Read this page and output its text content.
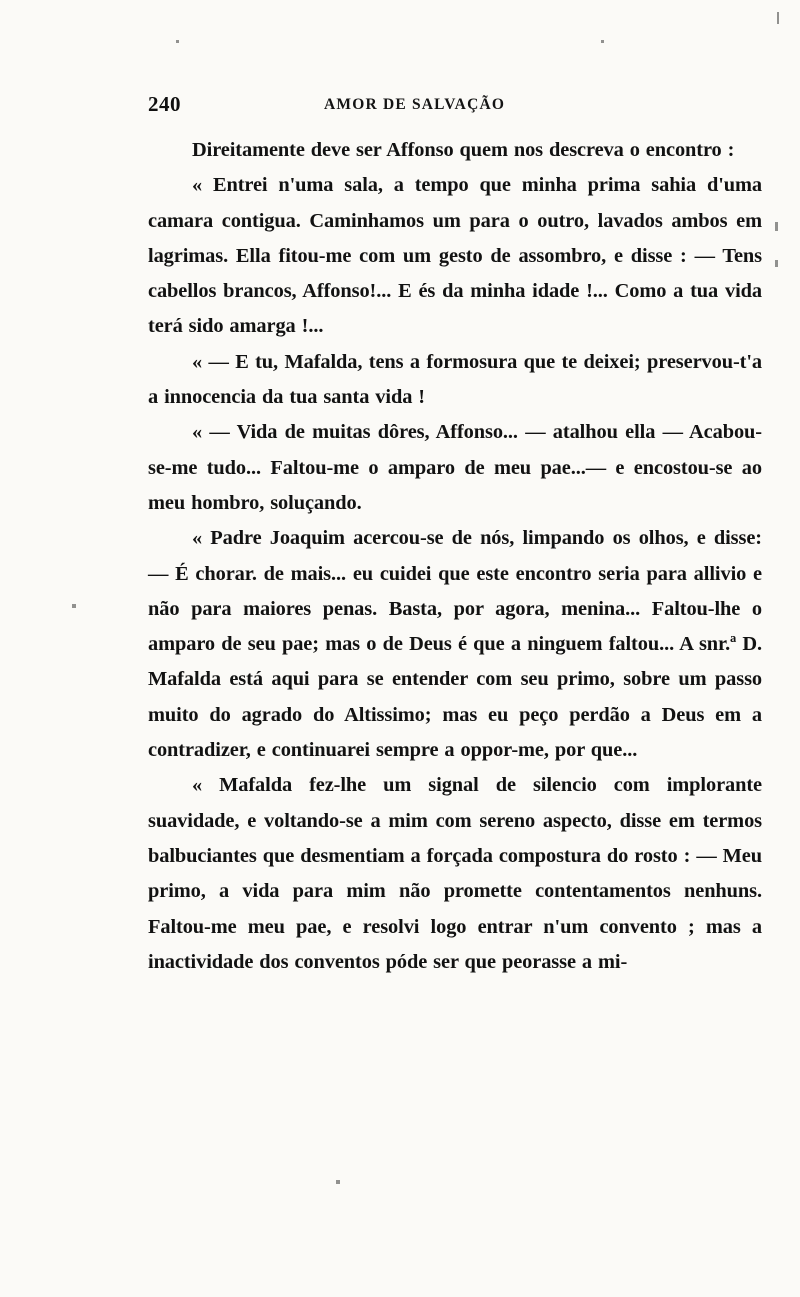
240	AMOR DE SALVAÇÃO

Direitamente deve ser Affonso quem nos descreva o encontro :

« Entrei n'uma sala, a tempo que minha prima sahia d'uma camara contigua. Caminhamos um para o outro, lavados ambos em lagrimas. Ella fitou-me com um gesto de assombro, e disse : — Tens cabellos brancos, Affonso!... E és da minha idade !... Como a tua vida terá sido amarga !...

« — E tu, Mafalda, tens a formosura que te deixei; preservou-t'a a innocencia da tua santa vida !

« — Vida de muitas dôres, Affonso... — atalhou ella — Acabou-se-me tudo... Faltou-me o amparo de meu pae...— e encostou-se ao meu hombro, soluçando.

« Padre Joaquim acercou-se de nós, limpando os olhos, e disse: — É chorar. de mais... eu cuidei que este encontro seria para allivio e não para maiores penas. Basta, por agora, menina... Faltou-lhe o amparo de seu pae; mas o de Deus é que a ninguem faltou... A snr.ª D. Mafalda está aqui para se entender com seu primo, sobre um passo muito do agrado do Altissimo; mas eu peço perdão a Deus em a contradizer, e continuarei sempre a oppor-me, por que...

« Mafalda fez-lhe um signal de silencio com implorante suavidade, e voltando-se a mim com sereno aspecto, disse em termos balbuciantes que desmentiam a forçada compostura do rosto : — Meu primo, a vida para mim não promette contentamentos nenhuns. Faltou-me meu pae, e resolvi logo entrar n'um convento ; mas a inactividade dos conventos póde ser que peorasse a mi-
